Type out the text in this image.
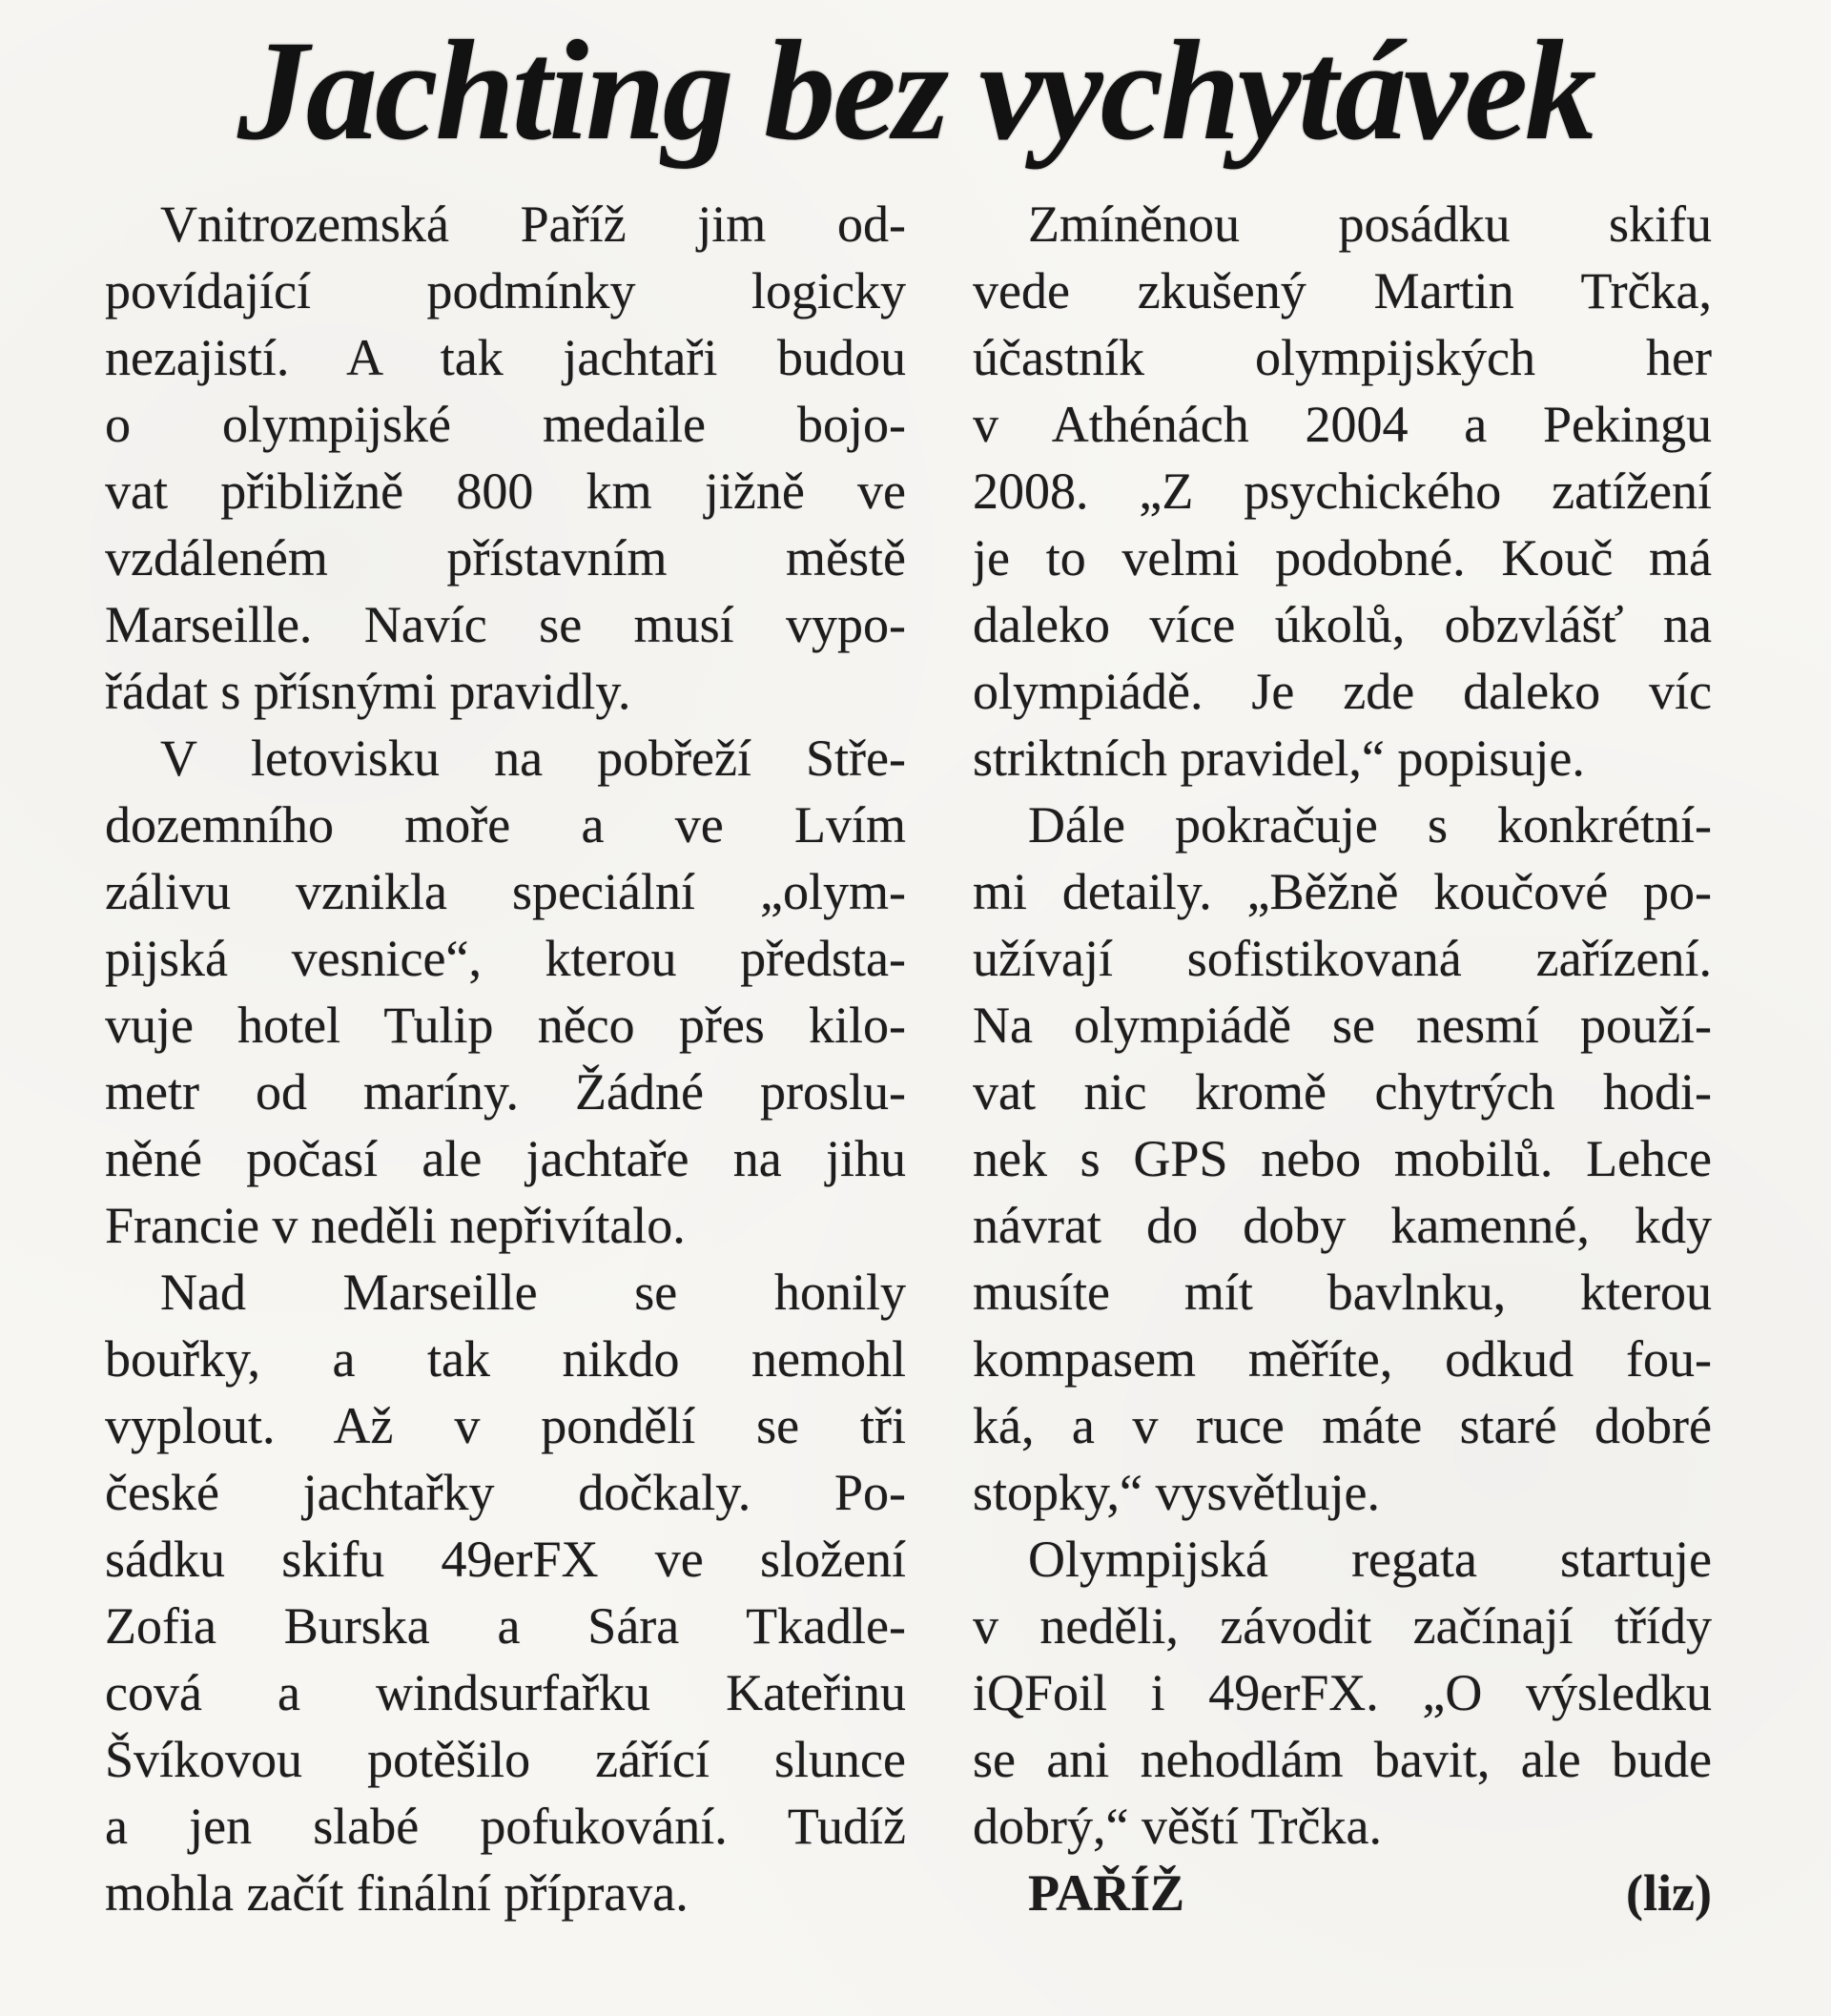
Jachting bez vychytávek
Vnitrozemská Paříž jim od-
povídající podmínky logicky
nezajistí. A tak jachtaři budou
o olympijské medaile bojo-
vat přibližně 800 km jižně ve
vzdáleném přístavním městě
Marseille. Navíc se musí vypo-
řádat s přísnými pravidly.
V letovisku na pobřeží Stře-
dozemního moře a ve Lvím
zálivu vznikla speciální „olym-
pijská vesnice“, kterou předsta-
vuje hotel Tulip něco přes kilo-
metr od maríny. Žádné proslu-
něné počasí ale jachtaře na jihu
Francie v neděli nepřivítalo.
Nad Marseille se honily
bouřky, a tak nikdo nemohl
vyplout. Až v pondělí se tři
české jachtařky dočkaly. Po-
sádku skifu 49erFX ve složení
Zofia Burska a Sára Tkadle-
cová a windsurfařku Kateřinu
Švíkovou potěšilo zářící slunce
a jen slabé pofukování. Tudíž
mohla začít finální příprava.
Zmíněnou posádku skifu
vede zkušený Martin Trčka,
účastník olympijských her
v Athénách 2004 a Pekingu
2008. „Z psychického zatížení
je to velmi podobné. Kouč má
daleko více úkolů, obzvlášť na
olympiádě. Je zde daleko víc
striktních pravidel,“ popisuje.
Dále pokračuje s konkrétní-
mi detaily. „Běžně koučové po-
užívají sofistikovaná zařízení.
Na olympiádě se nesmí použí-
vat nic kromě chytrých hodi-
nek s GPS nebo mobilů. Lehce
návrat do doby kamenné, kdy
musíte mít bavlnku, kterou
kompasem měříte, odkud fou-
ká, a v ruce máte staré dobré
stopky,“ vysvětluje.
Olympijská regata startuje
v neděli, závodit začínají třídy
iQFoil i 49erFX. „O výsledku
se ani nehodlám bavit, ale bude
dobrý,“ věští Trčka.
PAŘÍŽ	(liz)
